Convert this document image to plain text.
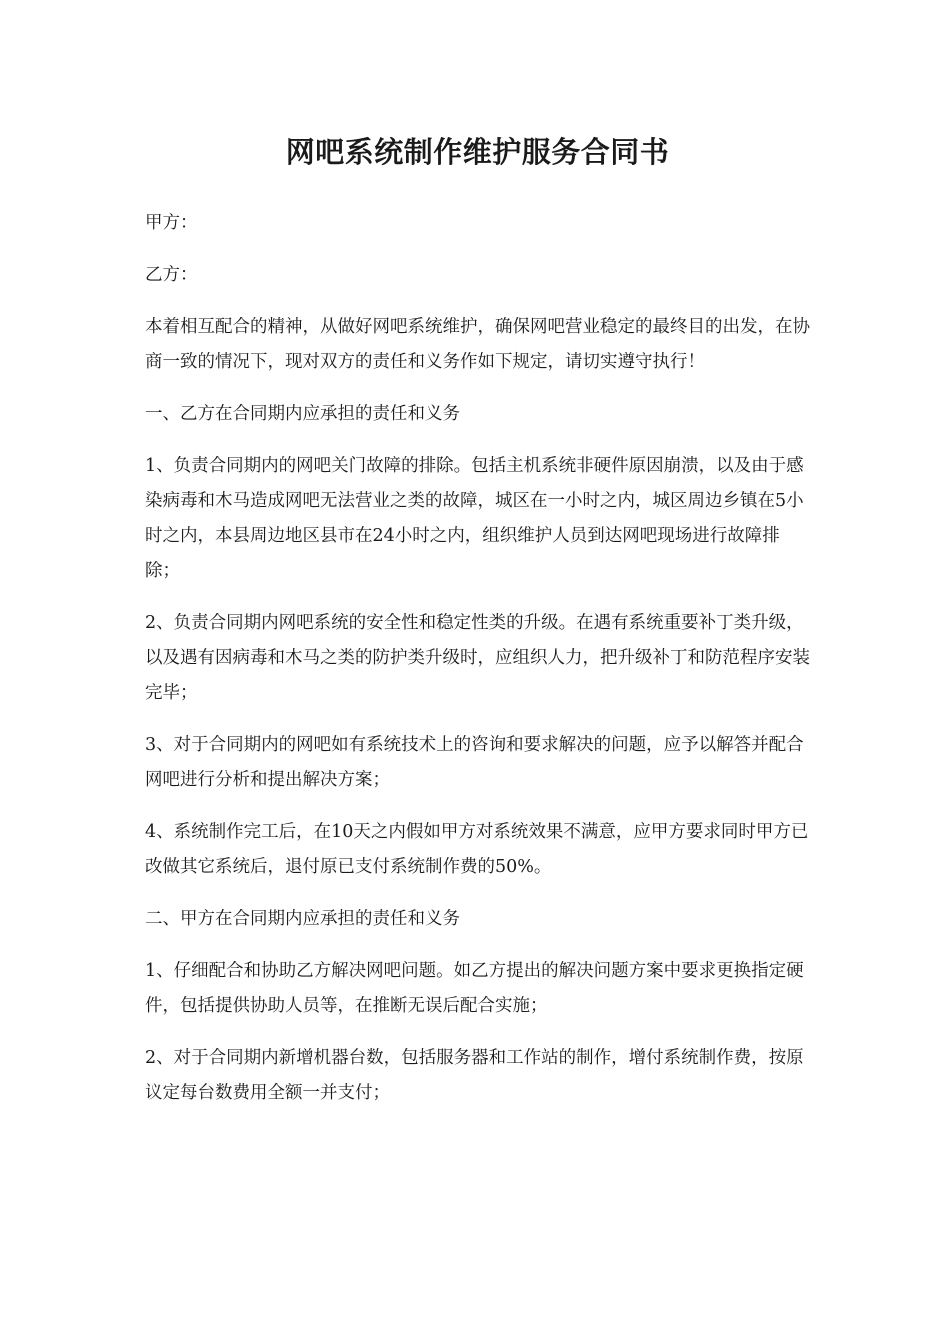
网吧系统制作维护服务合同书

甲方：

乙方：

本着相互配合的精神，从做好网吧系统维护，确保网吧营业稳定的最终目的出发，在协商一致的情况下，现对双方的责任和义务作如下规定，请切实遵守执行！

一、乙方在合同期内应承担的责任和义务

1、负责合同期内的网吧关门故障的排除。包括主机系统非硬件原因崩溃，以及由于感染病毒和木马造成网吧无法营业之类的故障，城区在一小时之内，城区周边乡镇在5小时之内，本县周边地区县市在24小时之内，组织维护人员到达网吧现场进行故障排除；

2、负责合同期内网吧系统的安全性和稳定性类的升级。在遇有系统重要补丁类升级，以及遇有因病毒和木马之类的防护类升级时，应组织人力，把升级补丁和防范程序安装完毕；

3、对于合同期内的网吧如有系统技术上的咨询和要求解决的问题，应予以解答并配合网吧进行分析和提出解决方案；

4、系统制作完工后，在10天之内假如甲方对系统效果不满意，应甲方要求同时甲方已改做其它系统后，退付原已支付系统制作费的50%。

二、甲方在合同期内应承担的责任和义务

1、仔细配合和协助乙方解决网吧问题。如乙方提出的解决问题方案中要求更换指定硬件，包括提供协助人员等，在推断无误后配合实施；

2、对于合同期内新增机器台数，包括服务器和工作站的制作，增付系统制作费，按原议定每台数费用全额一并支付；
